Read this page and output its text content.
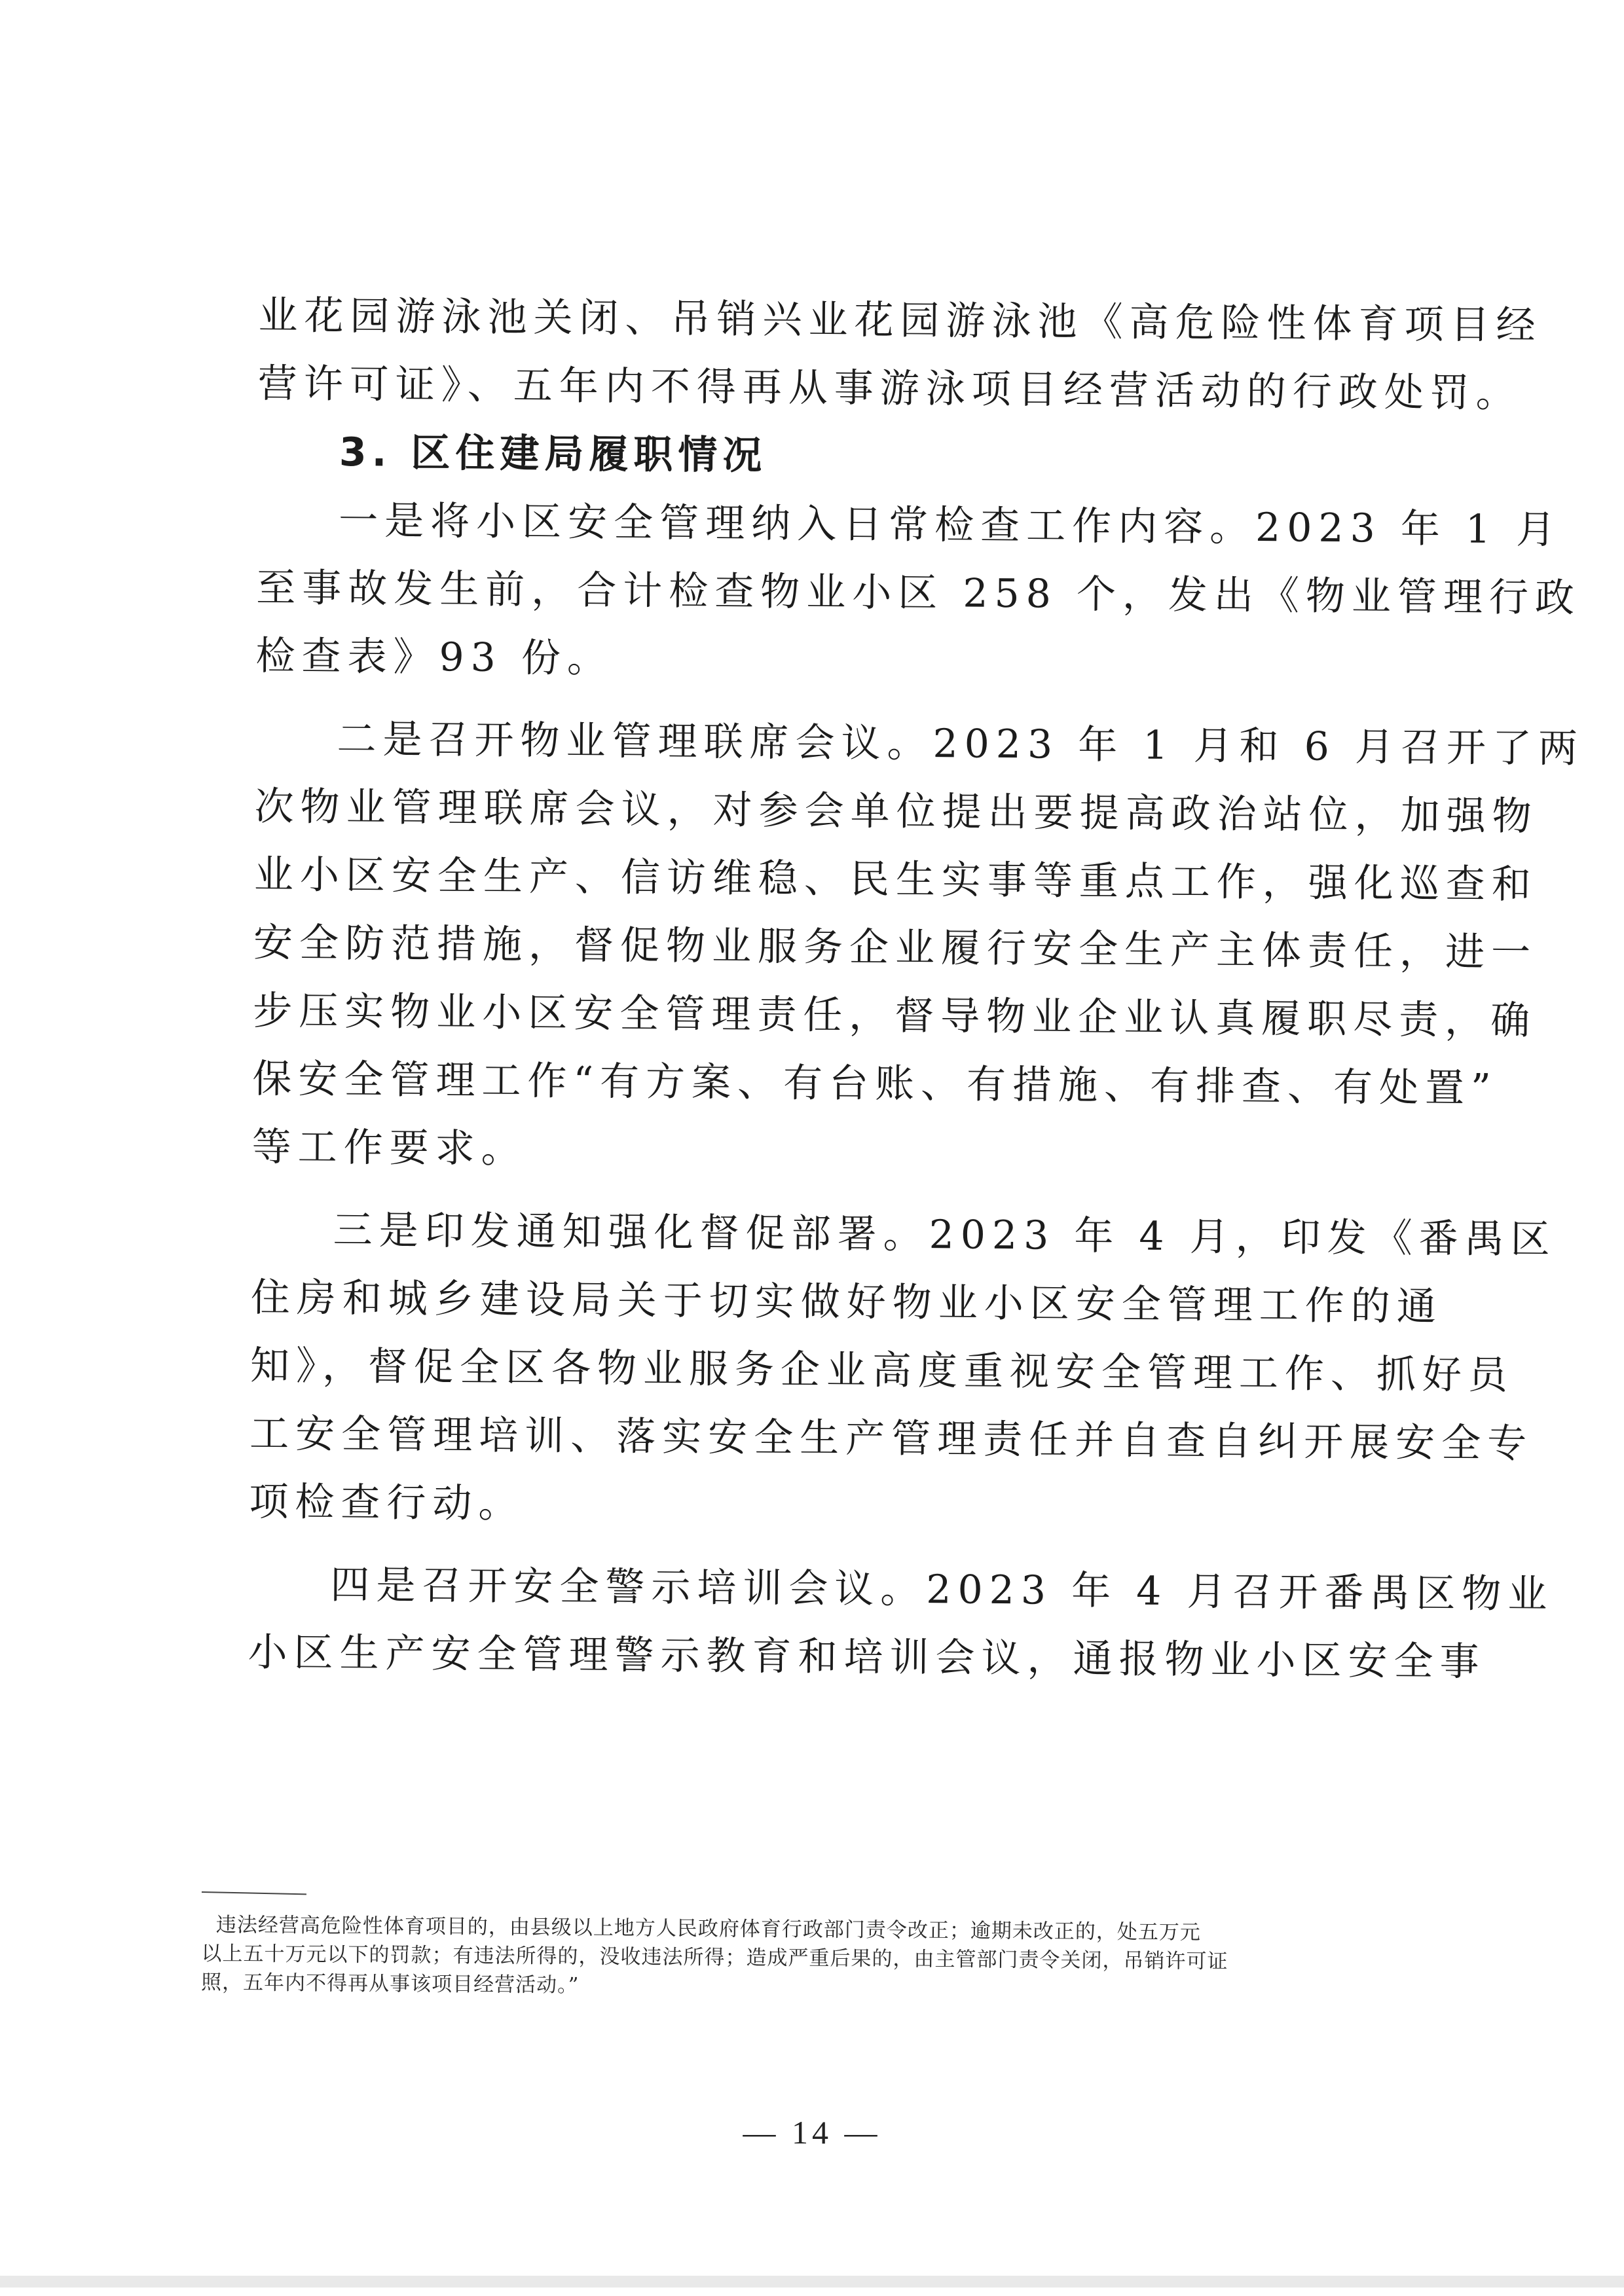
业花园游泳池关闭、吊销兴业花园游泳池《高危险性体育项目经
营许可证》、五年内不得再从事游泳项目经营活动的行政处罚。
3. 区住建局履职情况
一是将小区安全管理纳入日常检查工作内容。2023 年 1 月
至事故发生前，合计检查物业小区 258 个，发出《物业管理行政
检查表》93 份。
二是召开物业管理联席会议。2023 年 1 月和 6 月召开了两
次物业管理联席会议，对参会单位提出要提高政治站位，加强物
业小区安全生产、信访维稳、民生实事等重点工作，强化巡查和
安全防范措施，督促物业服务企业履行安全生产主体责任，进一
步压实物业小区安全管理责任，督导物业企业认真履职尽责，确
保安全管理工作“有方案、有台账、有措施、有排查、有处置”
等工作要求。
三是印发通知强化督促部署。2023 年 4 月，印发《番禺区
住房和城乡建设局关于切实做好物业小区安全管理工作的通
知》，督促全区各物业服务企业高度重视安全管理工作、抓好员
工安全管理培训、落实安全生产管理责任并自查自纠开展安全专
项检查行动。
四是召开安全警示培训会议。2023 年 4 月召开番禺区物业
小区生产安全管理警示教育和培训会议，通报物业小区安全事
违法经营高危险性体育项目的，由县级以上地方人民政府体育行政部门责令改正；逾期未改正的，处五万元
以上五十万元以下的罚款；有违法所得的，没收违法所得；造成严重后果的，由主管部门责令关闭，吊销许可证
照，五年内不得再从事该项目经营活动。”
— 14 —
